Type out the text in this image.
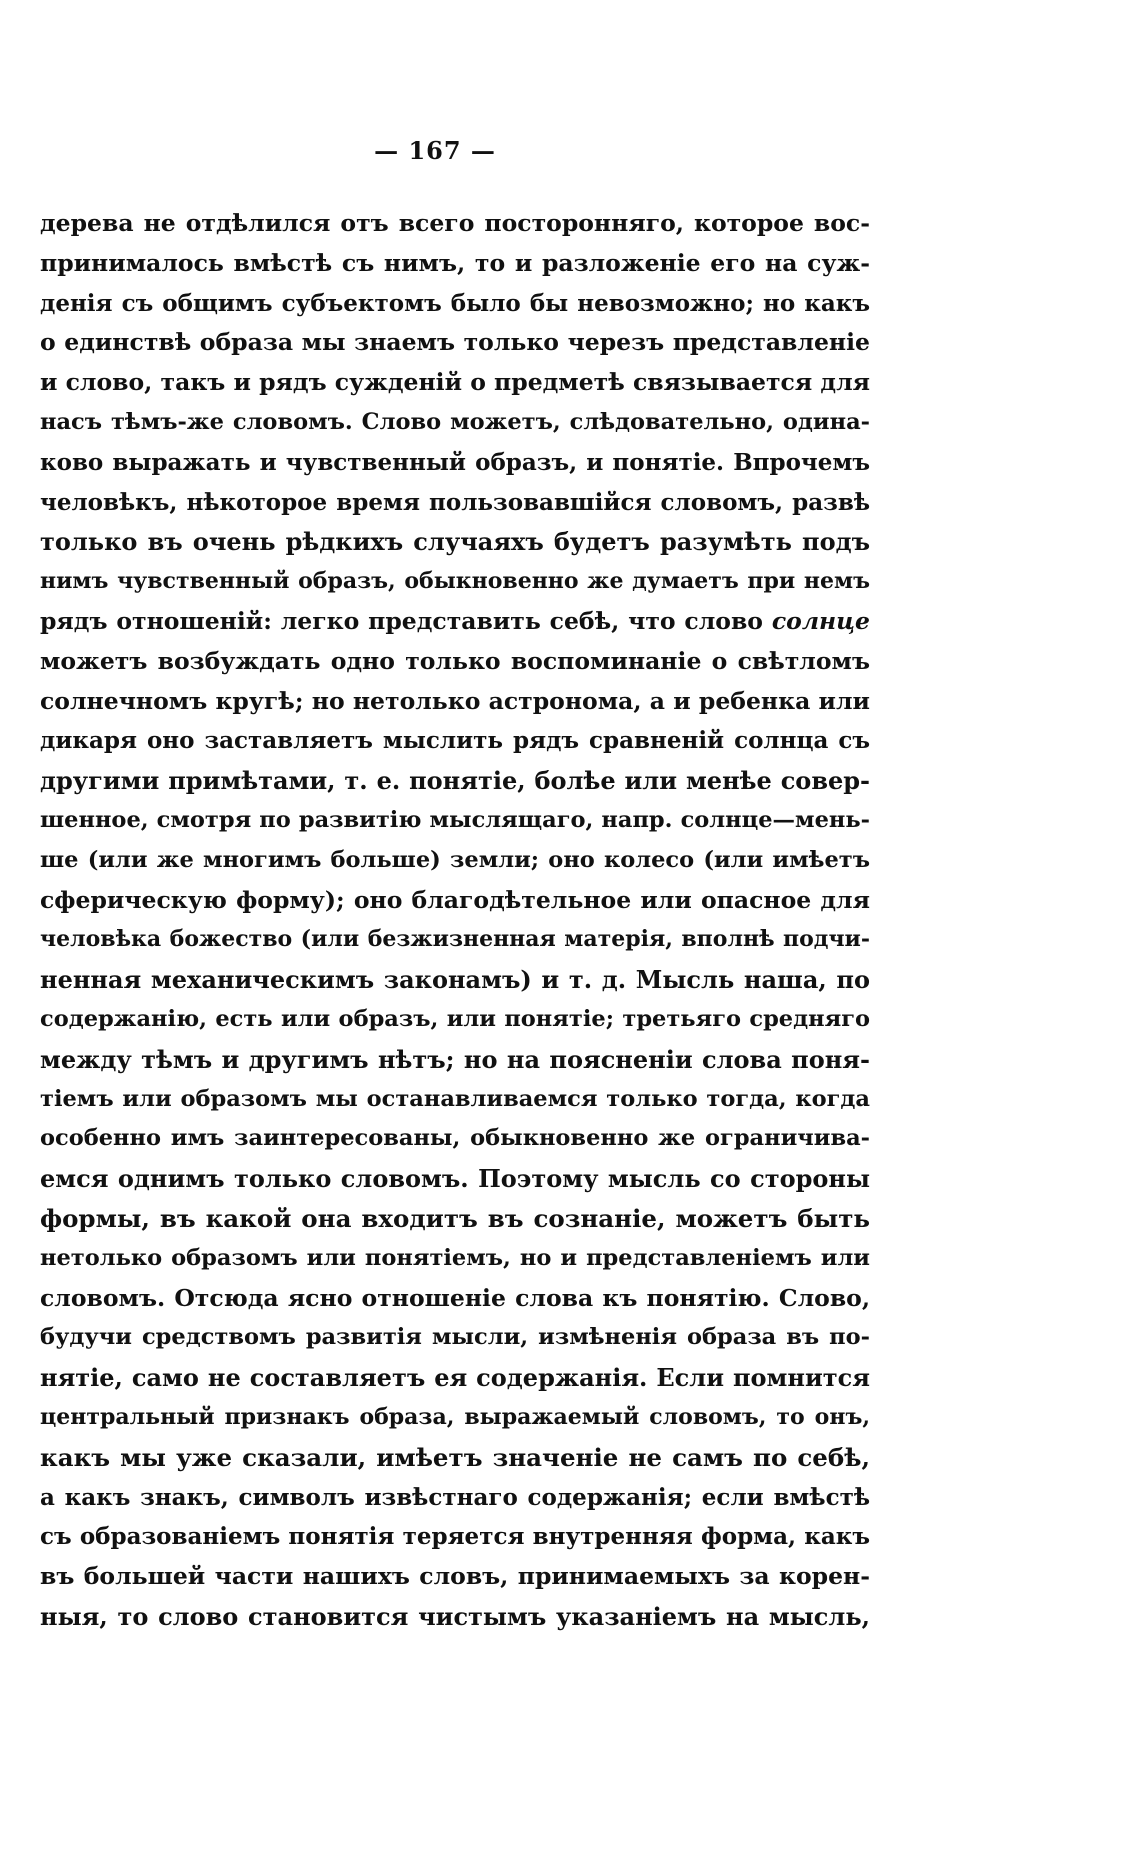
— 167 —
дерева не отдѣлился отъ всего посторонняго, которое вос-
принималось вмѣстѣ съ нимъ, то и разложеніе его на суж-
денія съ общимъ субъектомъ было бы невозможно; но какъ
о единствѣ образа мы знаемъ только черезъ представленіе
и слово, такъ и рядъ сужденій о предметѣ связывается для
насъ тѣмъ-же словомъ. Слово можетъ, слѣдовательно, одина-
ково выражать и чувственный образъ, и понятіе. Впрочемъ
человѣкъ, нѣкоторое время пользовавшійся словомъ, развѣ
только въ очень рѣдкихъ случаяхъ будетъ разумѣть подъ
нимъ чувственный образъ, обыкновенно же думаетъ при немъ
рядъ отношеній: легко представить себѣ, что слово солнце
можетъ возбуждать одно только воспоминаніе о свѣтломъ
солнечномъ кругѣ; но нетолько астронома, а и ребенка или
дикаря оно заставляетъ мыслить рядъ сравненій солнца съ
другими примѣтами, т. е. понятіе, болѣе или менѣе совер-
шенное, смотря по развитію мыслящаго, напр. солнце—мень-
ше (или же многимъ больше) земли; оно колесо (или имѣетъ
сферическую форму); оно благодѣтельное или опасное для
человѣка божество (или безжизненная матерія, вполнѣ подчи-
ненная механическимъ законамъ) и т. д. Мысль наша, по
содержанію, есть или образъ, или понятіе; третьяго средняго
между тѣмъ и другимъ нѣтъ; но на поясненіи слова поня-
тіемъ или образомъ мы останавливаемся только тогда, когда
особенно имъ заинтересованы, обыкновенно же ограничива-
емся однимъ только словомъ. Поэтому мысль со стороны
формы, въ какой она входитъ въ сознаніе, можетъ быть
нетолько образомъ или понятіемъ, но и представленіемъ или
словомъ. Отсюда ясно отношеніе слова къ понятію. Слово,
будучи средствомъ развитія мысли, измѣненія образа въ по-
нятіе, само не составляетъ ея содержанія. Если помнится
центральный признакъ образа, выражаемый словомъ, то онъ,
какъ мы уже сказали, имѣетъ значеніе не самъ по себѣ,
а какъ знакъ, символъ извѣстнаго содержанія; если вмѣстѣ
съ образованіемъ понятія теряется внутренняя форма, какъ
въ большей части нашихъ словъ, принимаемыхъ за корен-
ныя, то слово становится чистымъ указаніемъ на мысль,
